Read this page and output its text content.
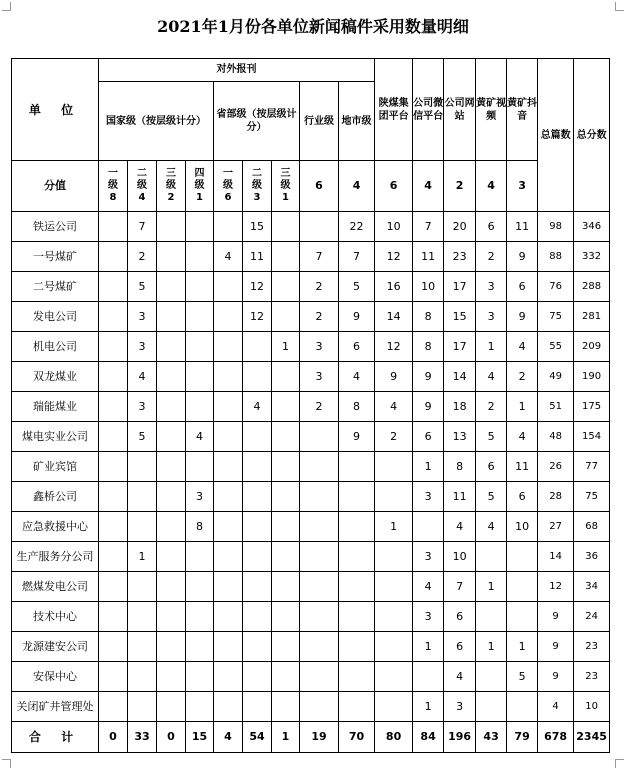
2021年1月份各单位新闻稿件采用数量明细
单 位	对外报刊									陕煤集团平台	公司微信平台	公司网站	黄矿视频	黄矿抖音	总篇数	总分数
	国家级（按层级计分）				省部级（按层级计分）			行业级	地市级							
分值	一
级
8	二
级
4	三
级
2	四
级
1	一
级
6	二
级
3	三
级
1	6	4	6	4	2	4	3		
铁运公司		7				15			22	10	7	20	6	11	98	346
一号煤矿		2			4	11		7	7	12	11	23	2	9	88	332
二号煤矿		5				12		2	5	16	10	17	3	6	76	288
发电公司		3				12		2	9	14	8	15	3	9	75	281
机电公司		3					1	3	6	12	8	17	1	4	55	209
双龙煤业		4						3	4	9	9	14	4	2	49	190
瑞能煤业		3				4		2	8	4	9	18	2	1	51	175
煤电实业公司		5		4					9	2	6	13	5	4	48	154
矿业宾馆											1	8	6	11	26	77
鑫桥公司				3							3	11	5	6	28	75
应急救援中心				8						1		4	4	10	27	68
生产服务分公司		1									3	10			14	36
燃煤发电公司											4	7	1		12	34
技术中心											3	6			9	24
龙源建安公司											1	6	1	1	9	23
安保中心												4		5	9	23
关闭矿井管理处											1	3			4	10
合 计	0	33	0	15	4	54	1	19	70	80	84	196	43	79	678	2345
